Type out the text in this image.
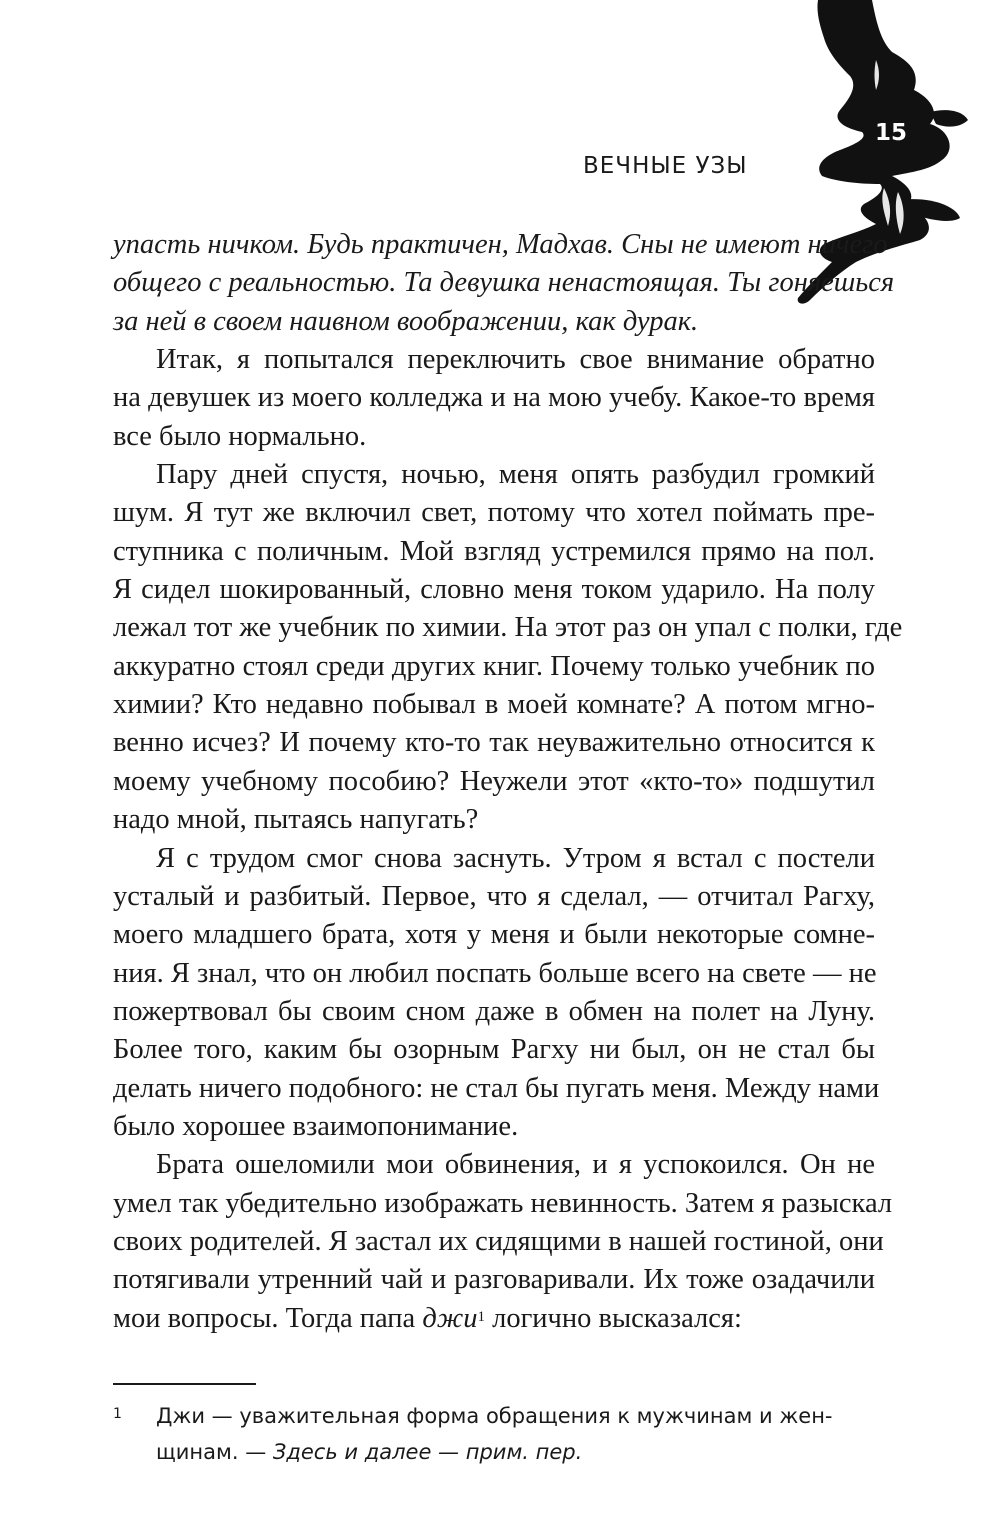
15
ВЕЧНЫЕ УЗЫ
упасть ничком. Будь практичен, Мадхав. Сны не имеют ничего
общего с реальностью. Та девушка ненастоящая. Ты гоняешься
за ней в своем наивном воображении, как дурак.
Итак, я попытался переключить свое внимание обратно
на девушек из моего колледжа и на мою учебу. Какое-то время
все было нормально.
Пару дней спустя, ночью, меня опять разбудил громкий
шум. Я тут же включил свет, потому что хотел поймать пре-
ступника с поличным. Мой взгляд устремился прямо на пол.
Я сидел шокированный, словно меня током ударило. На полу
лежал тот же учебник по химии. На этот раз он упал с полки, где
аккуратно стоял среди других книг. Почему только учебник по
химии? Кто недавно побывал в моей комнате? А потом мгно-
венно исчез? И почему кто-то так неуважительно относится к
моему учебному пособию? Неужели этот «кто-то» подшутил
надо мной, пытаясь напугать?
Я с трудом смог снова заснуть. Утром я встал с постели
усталый и разбитый. Первое, что я сделал, — отчитал Рагху,
моего младшего брата, хотя у меня и были некоторые сомне-
ния. Я знал, что он любил поспать больше всего на свете — не
пожертвовал бы своим сном даже в обмен на полет на Луну.
Более того, каким бы озорным Рагху ни был, он не стал бы
делать ничего подобного: не стал бы пугать меня. Между нами
было хорошее взаимопонимание.
Брата ошеломили мои обвинения, и я успокоился. Он не
умел так убедительно изображать невинность. Затем я разыскал
своих родителей. Я застал их сидящими в нашей гостиной, они
потягивали утренний чай и разговаривали. Их тоже озадачили
мои вопросы. Тогда папа джи$^1$ логично высказался:
1 Джи — уважительная форма обращения к мужчинам и жен-
щинам. — Здесь и далее — прим. пер.
